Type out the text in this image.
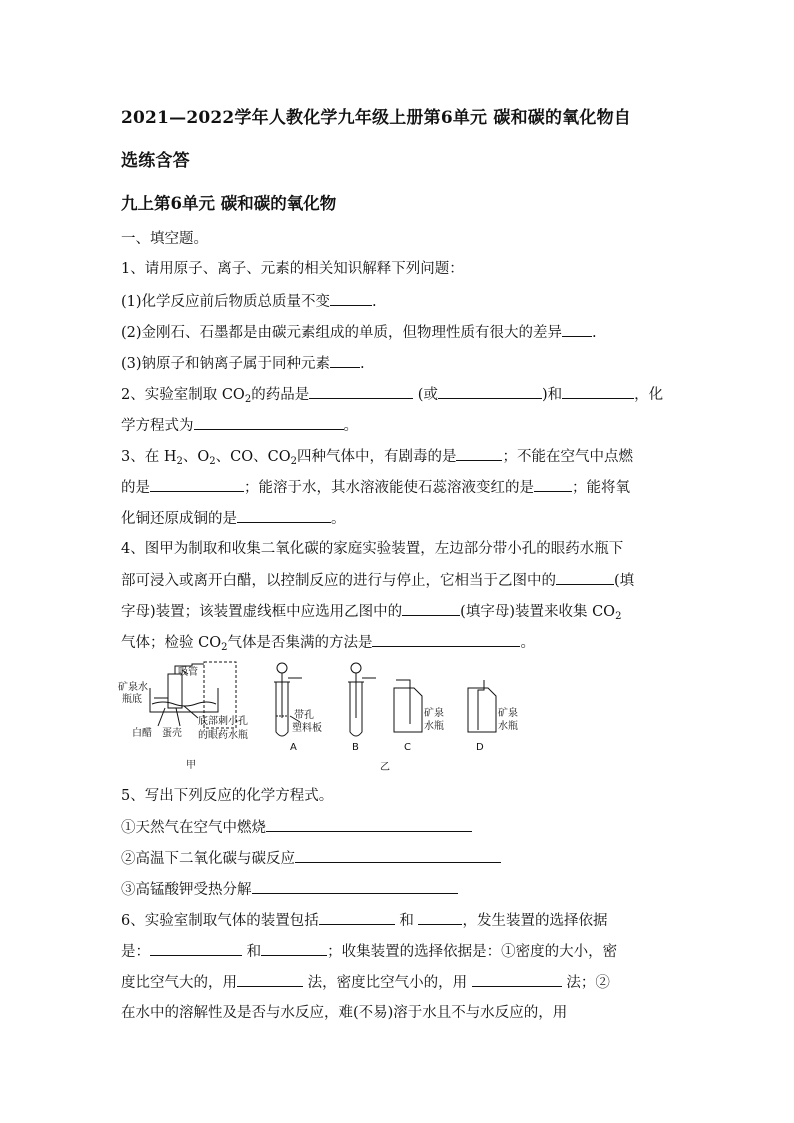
2021—2022学年人教化学九年级上册第6单元 碳和碳的氧化物自
选练含答
九上第6单元 碳和碳的氧化物
一、填空题。
1、请用原子、离子、元素的相关知识解释下列问题：
(1)化学反应前后物质总质量不变	.
(2)金刚石、石墨都是由碳元素组成的单质，但物理性质有很大的差异 .
(3)钠原子和钠离子属于同种元素 .
2、实验室制取 $CO_2$的药品是	(或	)和	，化
学方程式为	。
3、在 $H_2$、$O_2$、CO、$CO_2$四种气体中，有剧毒的是	；不能在空气中点燃
的是	；能溶于水，其水溶液能使石蕊溶液变红的是	；能将氧
化铜还原成铜的是	。
4、图甲为制取和收集二氧化碳的家庭实验装置，左边部分带小孔的眼药水瓶下
部可浸入或离开白醋，以控制反应的进行与停止，它相当于乙图中的	(填
字母)装置；该装置虚线框中应选用乙图中的	(填字母)装置来收集 $CO_2$
气体；检验 $CO_2$气体是否集满的方法是	。
矿泉水
瓶底
吸管
白醋 蛋壳
底部刺小孔
的眼药水瓶
带孔
塑料板
矿泉
水瓶
矿泉
水瓶
A	B	C	D
甲	乙
5、写出下列反应的化学方程式。
①天然气在空气中燃烧
②高温下二氧化碳与碳反应
③高锰酸钾受热分解
6、实验室制取气体的装置包括	和	，发生装置的选择依据
是：	和	；收集装置的选择依据是：①密度的大小，密
度比空气大的，用	法，密度比空气小的，用	法；②
在水中的溶解性及是否与水反应，难(不易)溶于水且不与水反应的，用
